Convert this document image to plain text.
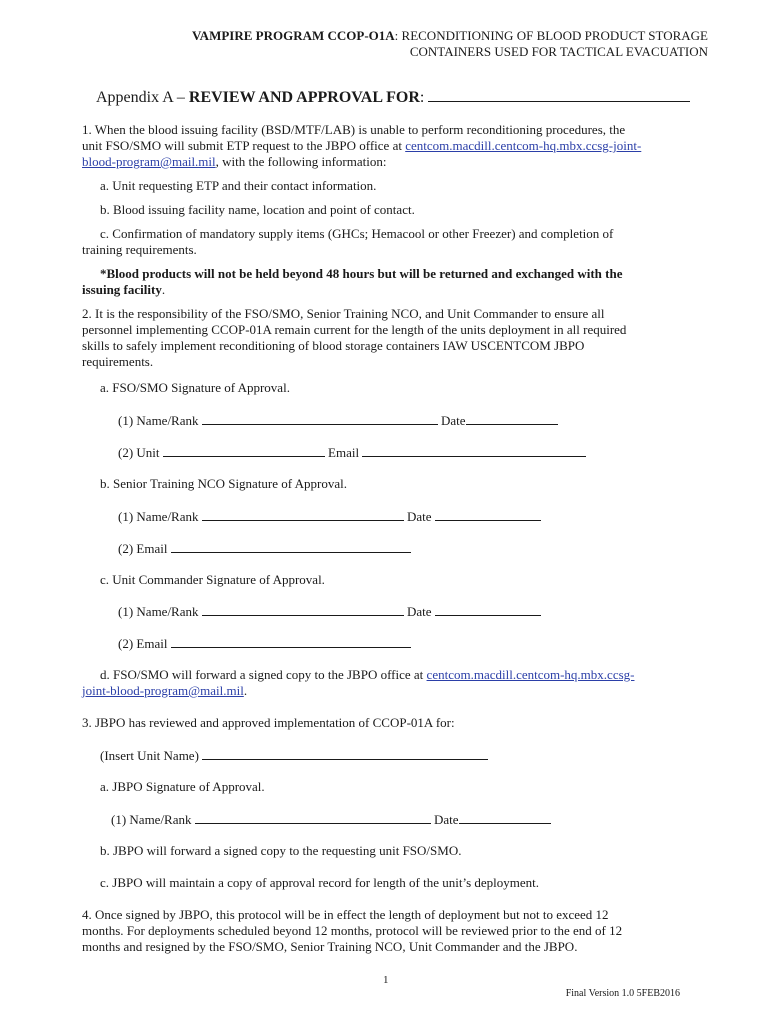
VAMPIRE PROGRAM CCOP-O1A: RECONDITIONING OF BLOOD PRODUCT STORAGE
CONTAINERS USED FOR TACTICAL EVACUATION
Appendix A – REVIEW AND APPROVAL FOR:
1. When the blood issuing facility (BSD/MTF/LAB) is unable to perform reconditioning procedures, the
unit FSO/SMO will submit ETP request to the JBPO office at centcom.macdill.centcom-hq.mbx.ccsg-joint-
blood-program@mail.mil, with the following information:
a. Unit requesting ETP and their contact information.
b. Blood issuing facility name, location and point of contact.
c. Confirmation of mandatory supply items (GHCs; Hemacool or other Freezer) and completion of
training requirements.
*Blood products will not be held beyond 48 hours but will be returned and exchanged with the
issuing facility.
2. It is the responsibility of the FSO/SMO, Senior Training NCO, and Unit Commander to ensure all
personnel implementing CCOP-01A remain current for the length of the units deployment in all required
skills to safely implement reconditioning of blood storage containers IAW USCENTCOM JBPO
requirements.
a. FSO/SMO Signature of Approval.
(1) Name/Rank	Date
(2) Unit	Email
b. Senior Training NCO Signature of Approval.
(1) Name/Rank	Date
(2) Email
c. Unit Commander Signature of Approval.
(1) Name/Rank	Date
(2) Email
d. FSO/SMO will forward a signed copy to the JBPO office at centcom.macdill.centcom-hq.mbx.ccsg-
joint-blood-program@mail.mil.
3. JBPO has reviewed and approved implementation of CCOP-01A for:
(Insert Unit Name)
a. JBPO Signature of Approval.
(1) Name/Rank	Date
b. JBPO will forward a signed copy to the requesting unit FSO/SMO.
c. JBPO will maintain a copy of approval record for length of the unit’s deployment.
4. Once signed by JBPO, this protocol will be in effect the length of deployment but not to exceed 12
months. For deployments scheduled beyond 12 months, protocol will be reviewed prior to the end of 12
months and resigned by the FSO/SMO, Senior Training NCO, Unit Commander and the JBPO.
1
Final Version 1.0 5FEB2016
